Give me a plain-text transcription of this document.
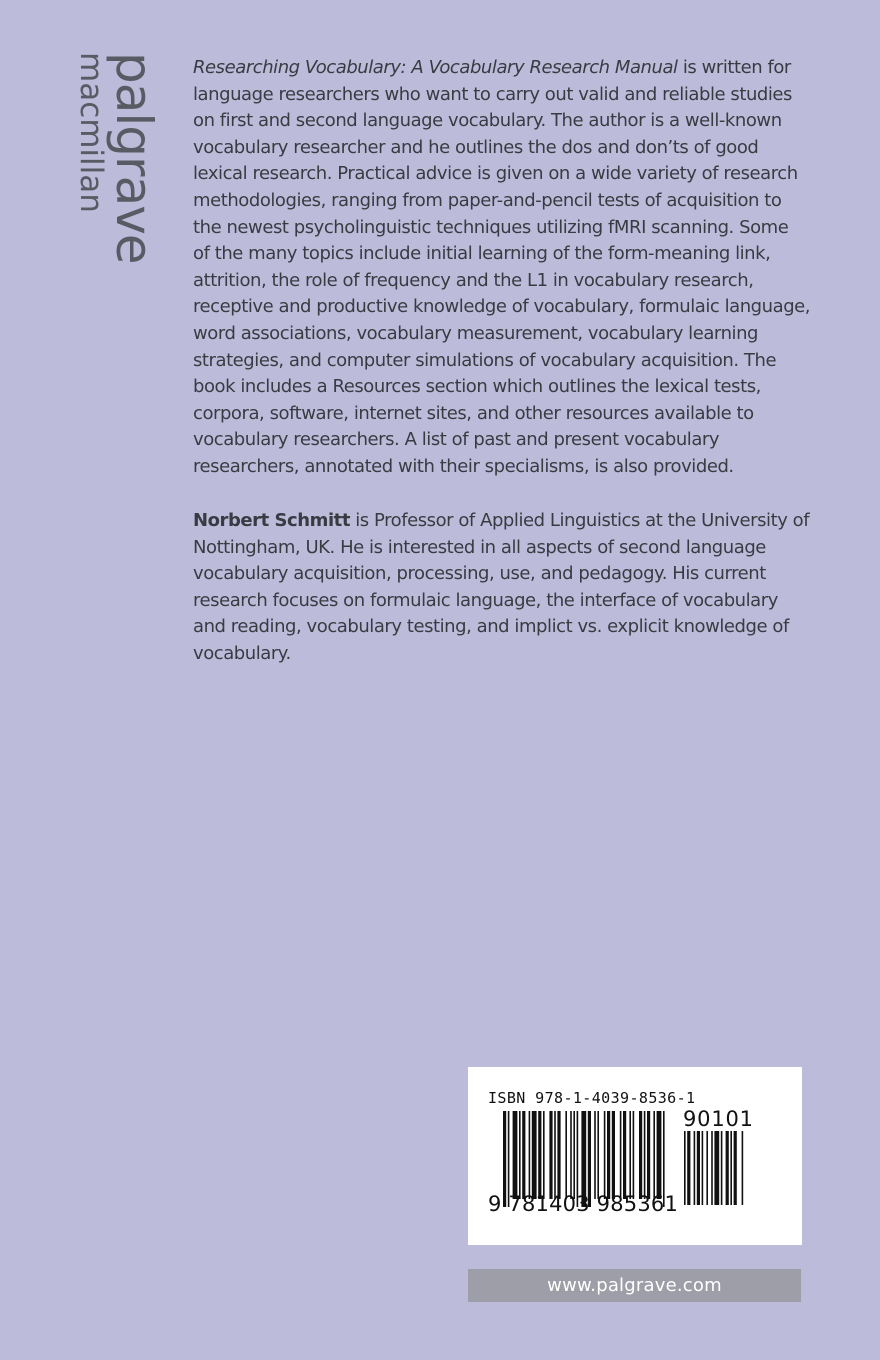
palgrave
macmillan	Researching Vocabulary: A Vocabulary Research Manual is written for
language researchers who want to carry out valid and reliable studies
on first and second language vocabulary. The author is a well-known
vocabulary researcher and he outlines the dos and don’ts of good
lexical research. Practical advice is given on a wide variety of research
methodologies, ranging from paper-and-pencil tests of acquisition to
the newest psycholinguistic techniques utilizing fMRI scanning. Some
of the many topics include initial learning of the form-meaning link,
attrition, the role of frequency and the L1 in vocabulary research,
receptive and productive knowledge of vocabulary, formulaic language,
word associations, vocabulary measurement, vocabulary learning
strategies, and computer simulations of vocabulary acquisition. The
book includes a Resources section which outlines the lexical tests,
corpora, software, internet sites, and other resources available to
vocabulary researchers. A list of past and present vocabulary
researchers, annotated with their specialisms, is also provided.

Norbert Schmitt is Professor of Applied Linguistics at the University of
Nottingham, UK. He is interested in all aspects of second language
vocabulary acquisition, processing, use, and pedagogy. His current
research focuses on formulaic language, the interface of vocabulary
and reading, vocabulary testing, and implict vs. explicit knowledge of
vocabulary.

ISBN 978-1-4039-8536-1
9 781403 985361
90101
www.palgrave.com
